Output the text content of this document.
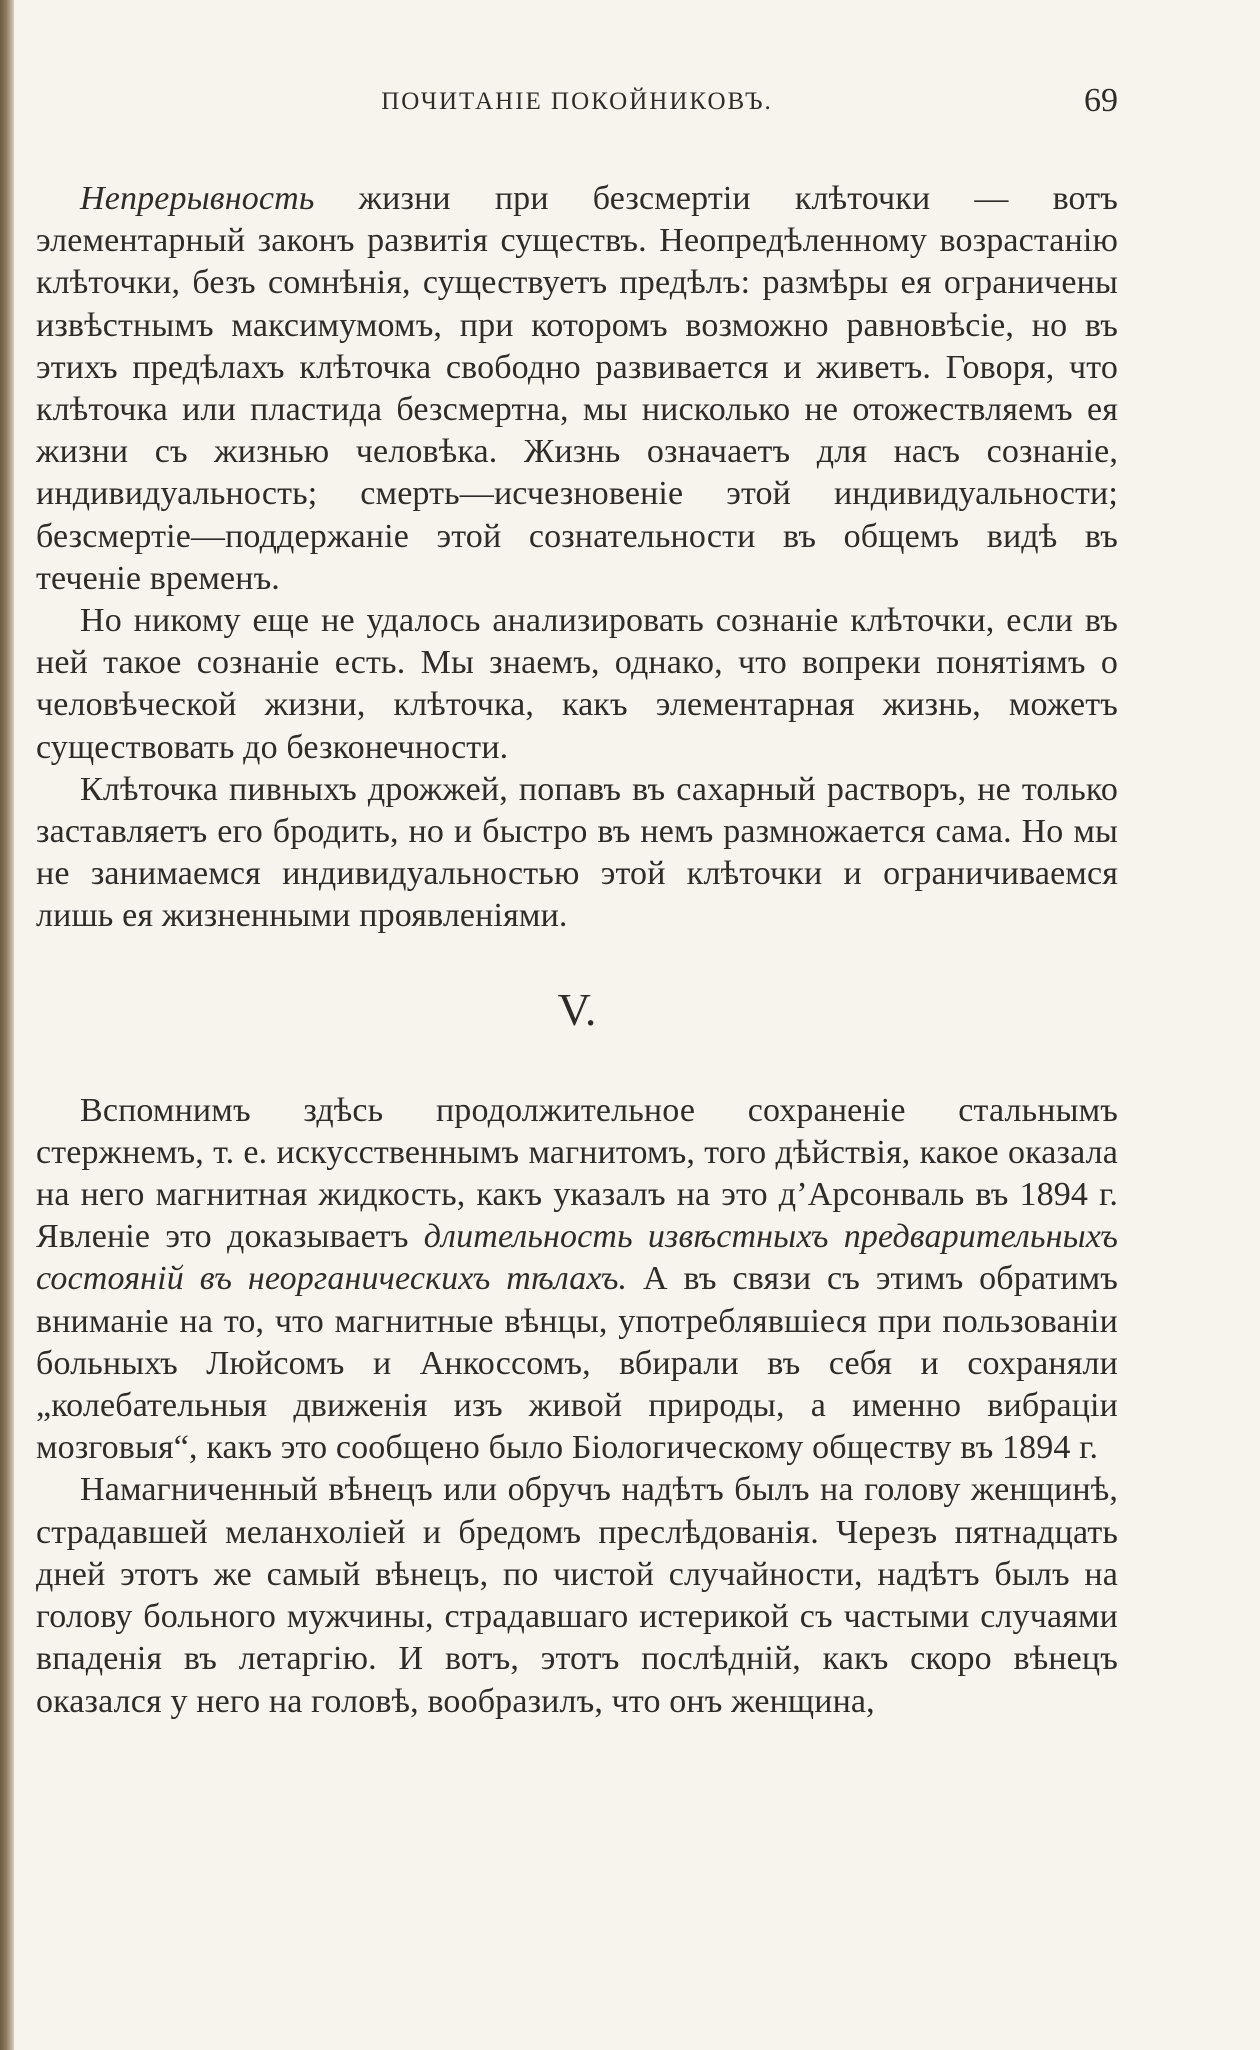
ПОЧИТАНІЕ ПОКОЙНИКОВЪ.	69

Непрерывность жизни при безсмертіи клѣточки — вотъ элементарный законъ развитія существъ. Неопредѣленному возрастанію клѣточки, безъ сомнѣнія, существуетъ предѣлъ: размѣры ея ограничены извѣстнымъ максимумомъ, при которомъ возможно равновѣсіе, но въ этихъ предѣлахъ клѣточка свободно развивается и живетъ. Говоря, что клѣточка или пластида безсмертна, мы нисколько не отожествляемъ ея жизни съ жизнью человѣка. Жизнь означаетъ для насъ сознаніе, индивидуальность; смерть—исчезновеніе этой индивидуальности; безсмертіе—поддержаніе этой сознательности въ общемъ видѣ въ теченіе временъ.

Но никому еще не удалось анализировать сознаніе клѣточки, если въ ней такое сознаніе есть. Мы знаемъ, однако, что вопреки понятіямъ о человѣческой жизни, клѣточка, какъ элементарная жизнь, можетъ существовать до безконечности.

Клѣточка пивныхъ дрожжей, попавъ въ сахарный растворъ, не только заставляетъ его бродить, но и быстро въ немъ размножается сама. Но мы не занимаемся индивидуальностью этой клѣточки и ограничиваемся лишь ея жизненными проявленіями.

V.

Вспомнимъ здѣсь продолжительное сохраненіе стальнымъ стержнемъ, т. е. искусственнымъ магнитомъ, того дѣйствія, какое оказала на него магнитная жидкость, какъ указалъ на это д’Арсонваль въ 1894 г. Явленіе это доказываетъ длительность извѣстныхъ предварительныхъ состояній въ неорганическихъ тѣлахъ. А въ связи съ этимъ обратимъ вниманіе на то, что магнитные вѣнцы, употреблявшіеся при пользованіи больныхъ Люйсомъ и Анкоссомъ, вбирали въ себя и сохраняли „колебательныя движенія изъ живой природы, а именно вибраціи мозговыя“, какъ это сообщено было Біологическому обществу въ 1894 г.

Намагниченный вѣнецъ или обручъ надѣтъ былъ на голову женщинѣ, страдавшей меланхоліей и бредомъ преслѣдованія. Черезъ пятнадцать дней этотъ же самый вѣнецъ, по чистой случайности, надѣтъ былъ на голову больного мужчины, страдавшаго истерикой съ частыми случаями впаденія въ летаргію. И вотъ, этотъ послѣдній, какъ скоро вѣнецъ оказался у него на головѣ, вообразилъ, что онъ женщина,
